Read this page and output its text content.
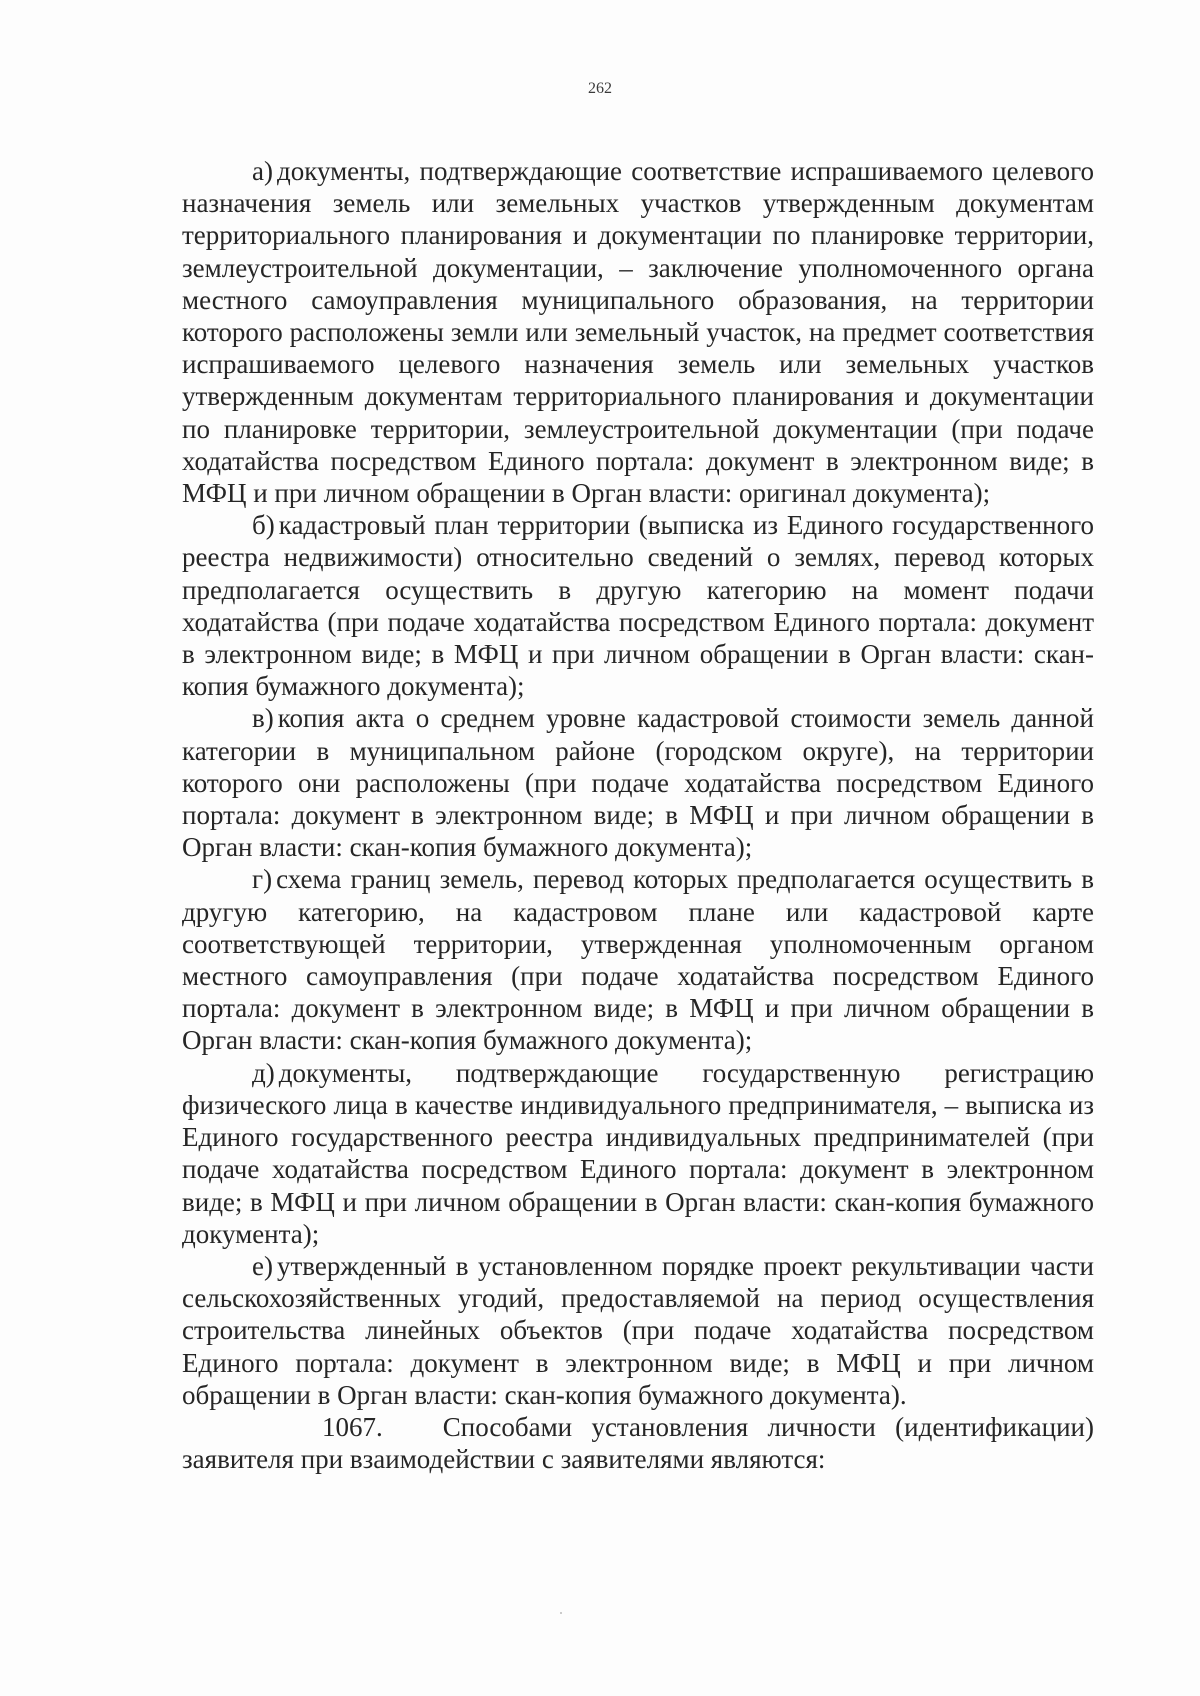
262

а) документы, подтверждающие соответствие испрашиваемого целевого назначения земель или земельных участков утвержденным документам территориального планирования и документации по планировке территории, землеустроительной документации, – заключение уполномоченного органа местного самоуправления муниципального образования, на территории которого расположены земли или земельный участок, на предмет соответствия испрашиваемого целевого назначения земель или земельных участков утвержденным документам территориального планирования и документации по планировке территории, землеустроительной документации (при подаче ходатайства посредством Единого портала: документ в электронном виде; в МФЦ и при личном обращении в Орган власти: оригинал документа);

б) кадастровый план территории (выписка из Единого государственного реестра недвижимости) относительно сведений о землях, перевод которых предполагается осуществить в другую категорию на момент подачи ходатайства (при подаче ходатайства посредством Единого портала: документ в электронном виде; в МФЦ и при личном обращении в Орган власти: скан-копия бумажного документа);

в) копия акта о среднем уровне кадастровой стоимости земель данной категории в муниципальном районе (городском округе), на территории которого они расположены (при подаче ходатайства посредством Единого портала: документ в электронном виде; в МФЦ и при личном обращении в Орган власти: скан-копия бумажного документа);

г) схема границ земель, перевод которых предполагается осуществить в другую категорию, на кадастровом плане или кадастровой карте соответствующей территории, утвержденная уполномоченным органом местного самоуправления (при подаче ходатайства посредством Единого портала: документ в электронном виде; в МФЦ и при личном обращении в Орган власти: скан-копия бумажного документа);

д) документы, подтверждающие государственную регистрацию физического лица в качестве индивидуального предпринимателя, – выписка из Единого государственного реестра индивидуальных предпринимателей (при подаче ходатайства посредством Единого портала: документ в электронном виде; в МФЦ и при личном обращении в Орган власти: скан-копия бумажного документа);

е) утвержденный в установленном порядке проект рекультивации части сельскохозяйственных угодий, предоставляемой на период осуществления строительства линейных объектов (при подаче ходатайства посредством Единого портала: документ в электронном виде; в МФЦ и при личном обращении в Орган власти: скан-копия бумажного документа).

1067. Способами установления личности (идентификации) заявителя при взаимодействии с заявителями являются:
